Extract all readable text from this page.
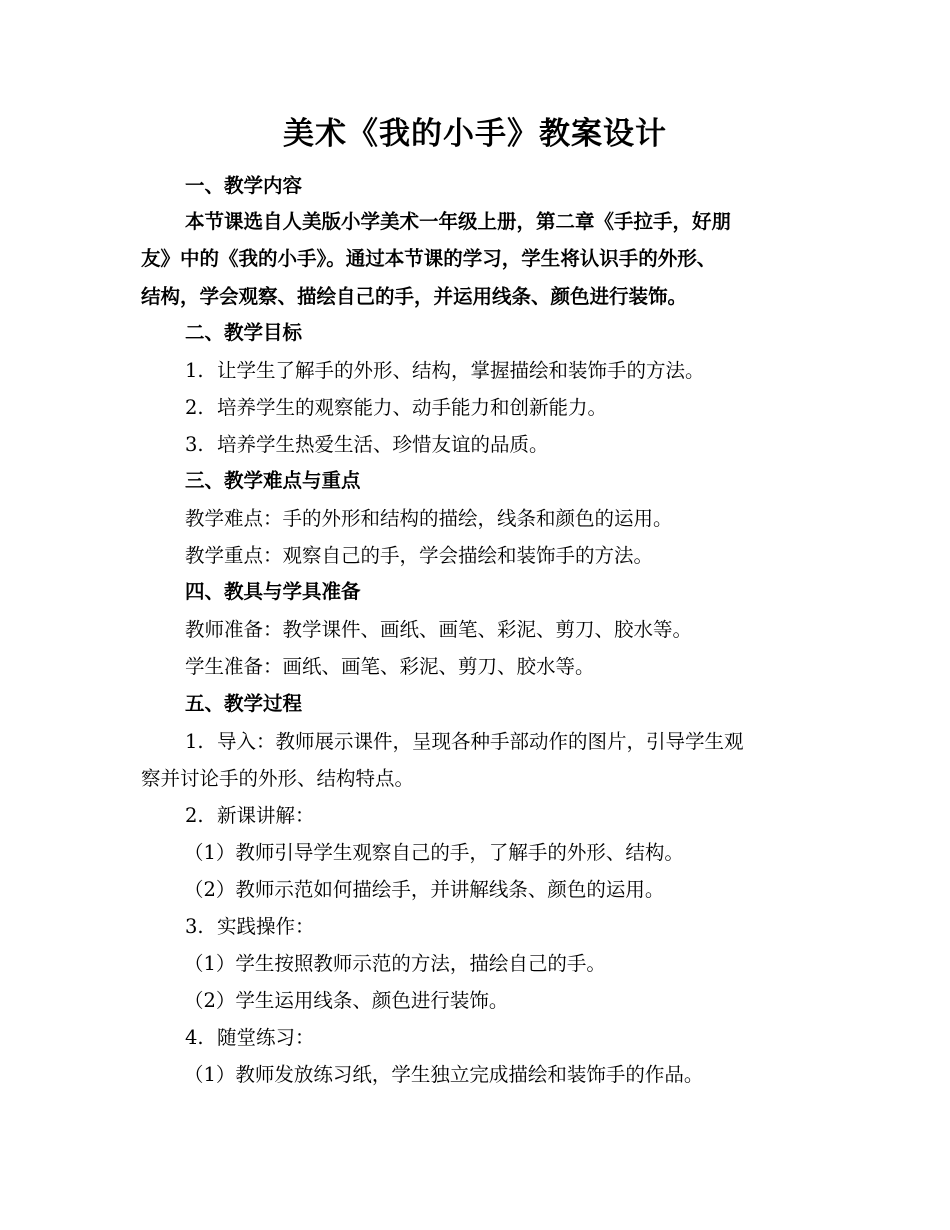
美术《我的小手》教案设计
一、教学内容
本节课选自人美版小学美术一年级上册，第二章《手拉手，好朋
友》中的《我的小手》。通过本节课的学习，学生将认识手的外形、
结构，学会观察、描绘自己的手，并运用线条、颜色进行装饰。
二、教学目标
1. 让学生了解手的外形、结构，掌握描绘和装饰手的方法。
2. 培养学生的观察能力、动手能力和创新能力。
3. 培养学生热爱生活、珍惜友谊的品质。
三、教学难点与重点
教学难点：手的外形和结构的描绘，线条和颜色的运用。
教学重点：观察自己的手，学会描绘和装饰手的方法。
四、教具与学具准备
教师准备：教学课件、画纸、画笔、彩泥、剪刀、胶水等。
学生准备：画纸、画笔、彩泥、剪刀、胶水等。
五、教学过程
1. 导入：教师展示课件，呈现各种手部动作的图片，引导学生观
察并讨论手的外形、结构特点。
2. 新课讲解：
（1）教师引导学生观察自己的手，了解手的外形、结构。
（2）教师示范如何描绘手，并讲解线条、颜色的运用。
3. 实践操作：
（1）学生按照教师示范的方法，描绘自己的手。
（2）学生运用线条、颜色进行装饰。
4. 随堂练习：
（1）教师发放练习纸，学生独立完成描绘和装饰手的作品。
